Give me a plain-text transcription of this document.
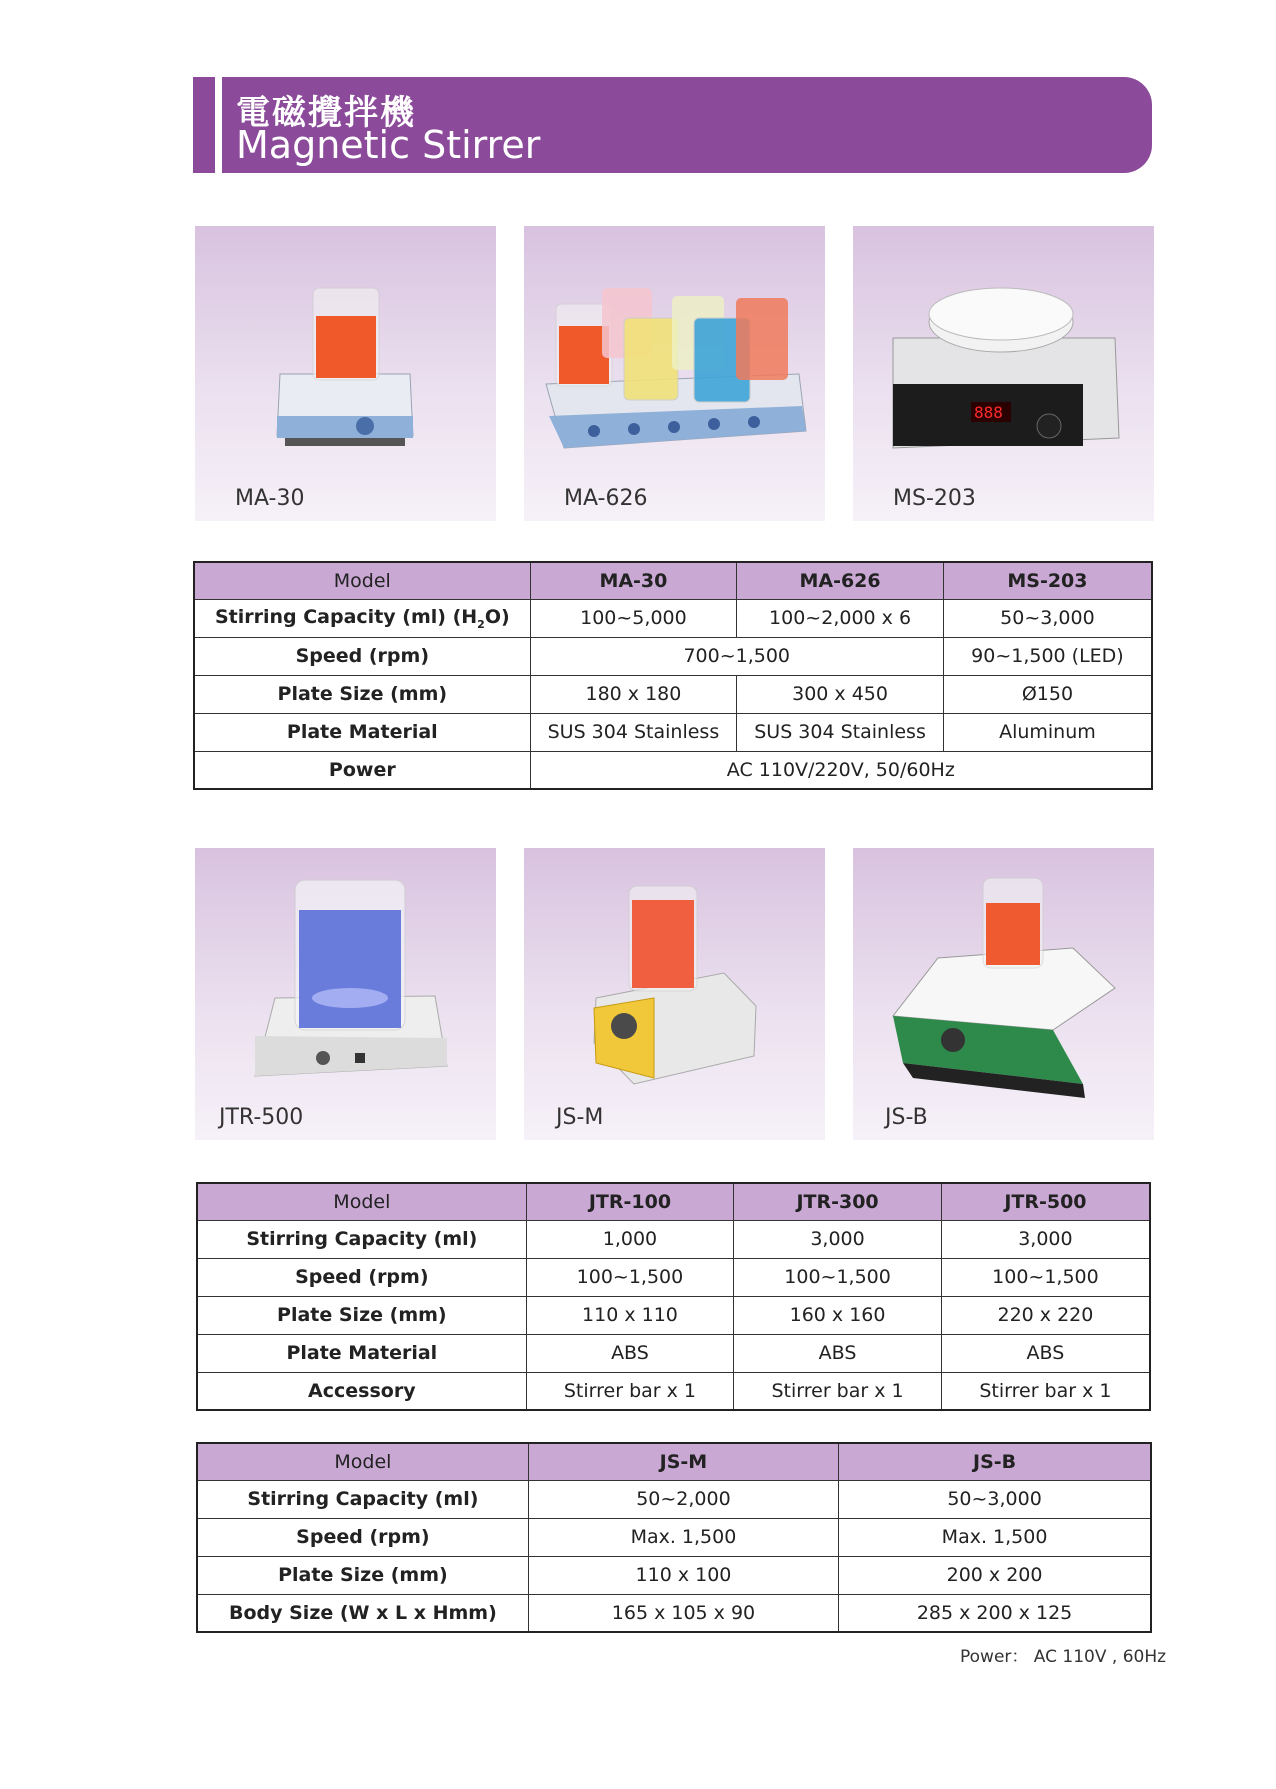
電磁攪拌機
Magnetic Stirrer
MA-30	MA-626
888
MS-203
Model	MA-30	MA-626	MS-203
Stirring Capacity (ml) $(H_2O)$	100~5,000	100~2,000 x 6	50~3,000
Speed (rpm)	700~1,500		90~1,500 (LED)
Plate Size (mm)	180 x 180	300 x 450	Ø150
Plate Material	SUS 304 Stainless	SUS 304 Stainless	Aluminum
Power	AC 110V/220V, 50/60Hz		
JTR-500	JS-M	JS-B
Model	JTR-100	JTR-300	JTR-500
Stirring Capacity (ml)	1,000	3,000	3,000
Speed (rpm)	100~1,500	100~1,500	100~1,500
Plate Size (mm)	110 x 110	160 x 160	220 x 220
Plate Material	ABS	ABS	ABS
Accessory	Stirrer bar x 1	Stirrer bar x 1	Stirrer bar x 1
Model	JS-M	JS-B
Stirring Capacity (ml)	50~2,000	50~3,000
Speed (rpm)	Max. 1,500	Max. 1,500
Plate Size (mm)	110 x 100	200 x 200
Body Size (W x L x Hmm)	165 x 105 x 90	285 x 200 x 125
Power： AC 110V , 60Hz
